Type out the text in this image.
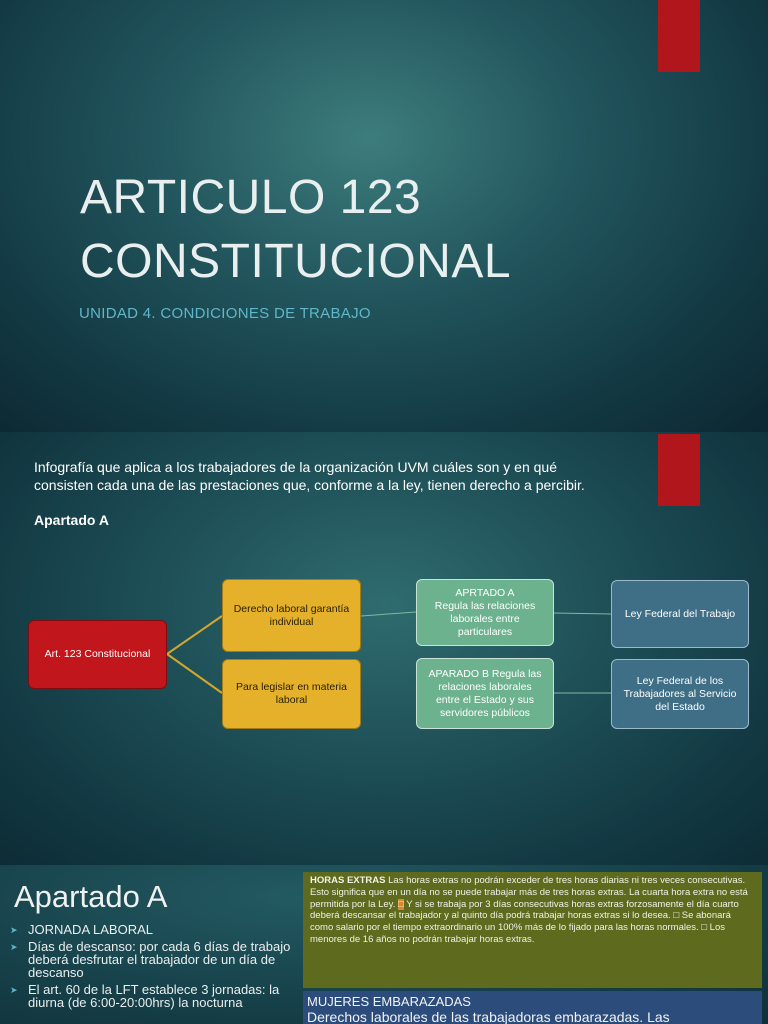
ARTICULO 123
CONSTITUCIONAL
UNIDAD 4. CONDICIONES DE TRABAJO
Infografía que aplica a los trabajadores de la organización UVM cuáles son y en qué
consisten cada una de las prestaciones que, conforme a la ley, tienen derecho a percibir.
Apartado A
Art. 123 Constitucional
Derecho laboral garantía individual
Para legislar en materia laboral
APRTADO A
Regula las relaciones laborales entre particulares
APARADO B Regula las relaciones laborales entre el Estado y sus servidores públicos
Ley Federal del Trabajo
Ley Federal de los Trabajadores al Servicio del Estado
Apartado A
➤ JORNADA LABORAL
➤ Días de descanso: por cada 6 días de trabajo deberá desfrutar el trabajador de un día de descanso
➤ El art. 60 de la LFT establece 3 jornadas: la diurna (de 6:00-20:00hrs) la nocturna
HORAS EXTRAS Las horas extras no podrán exceder de tres horas diarias ni tres veces consecutivas. Esto significa que en un día no se puede trabajar más de tres horas extras. La cuarta hora extra no está permitida por la Ley. □ Y si se trabaja por 3 días consecutivas horas extras forzosamente el día cuarto deberá descansar el trabajador y al quinto día podrá trabajar horas extras si lo desea. □ Se abonará como salario por el tiempo extraordinario un 100% más de lo fijado para las horas normales. □ Los menores de 16 años no podrán trabajar horas extras.
MUJERES EMBARAZADAS
Derechos laborales de las trabajadoras embarazadas. Las
